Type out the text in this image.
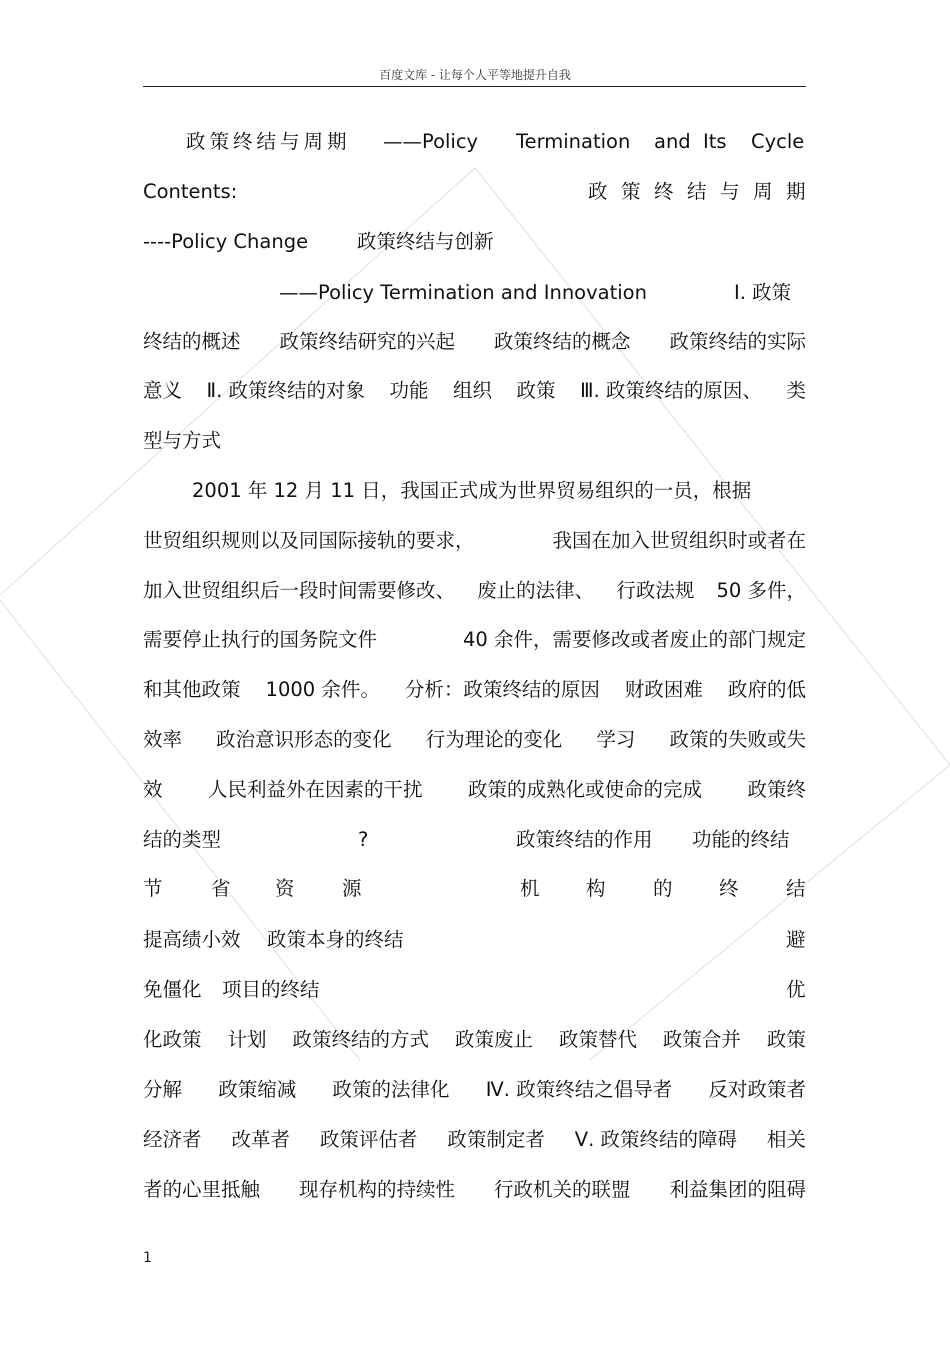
百度文库 - 让每个人平等地提升自我
政策终结与周期 ——Policy Termination and Its Cycle
Contents:	政 策 终 结 与 周 期
----Policy Change	政策终结与创新
——Policy Termination and Innovation	Ⅰ. 政策
终结的概述 政策终结研究的兴起 政策终结的概念 政策终结的实际
意义 Ⅱ. 政策终结的对象 功能 组织 政策 Ⅲ. 政策终结的原因、 类
型与方式
2001 年 12 月 11 日，我国正式成为世界贸易组织的一员，根据
世贸组织规则以及同国际接轨的要求，	我国在加入世贸组织时或者在
加入世贸组织后一段时间需要修改、 废止的法律、 行政法规 50 多件，
需要停止执行的国务院文件	40 余件，需要修改或者废止的部门规定
和其他政策 1000 余件。 分析：政策终结的原因 财政困难 政府的低
效率 政治意识形态的变化 行为理论的变化 学习 政策的失败或失
效 人民利益外在因素的干扰 政策的成熟化或使命的完成 政策终
结的类型	?	政策终结的作用 功能的终结
节 省 资 源	机 构 的 终 结
提高绩小效 政策本身的终结	避
免僵化 项目的终结	优
化政策 计划 政策终结的方式 政策废止 政策替代 政策合并 政策
分解 政策缩减 政策的法律化 Ⅳ. 政策终结之倡导者 反对政策者
经济者 改革者 政策评估者 政策制定者 Ⅴ. 政策终结的障碍 相关
者的心里抵触 现存机构的持续性 行政机关的联盟 利益集团的阻碍
1
